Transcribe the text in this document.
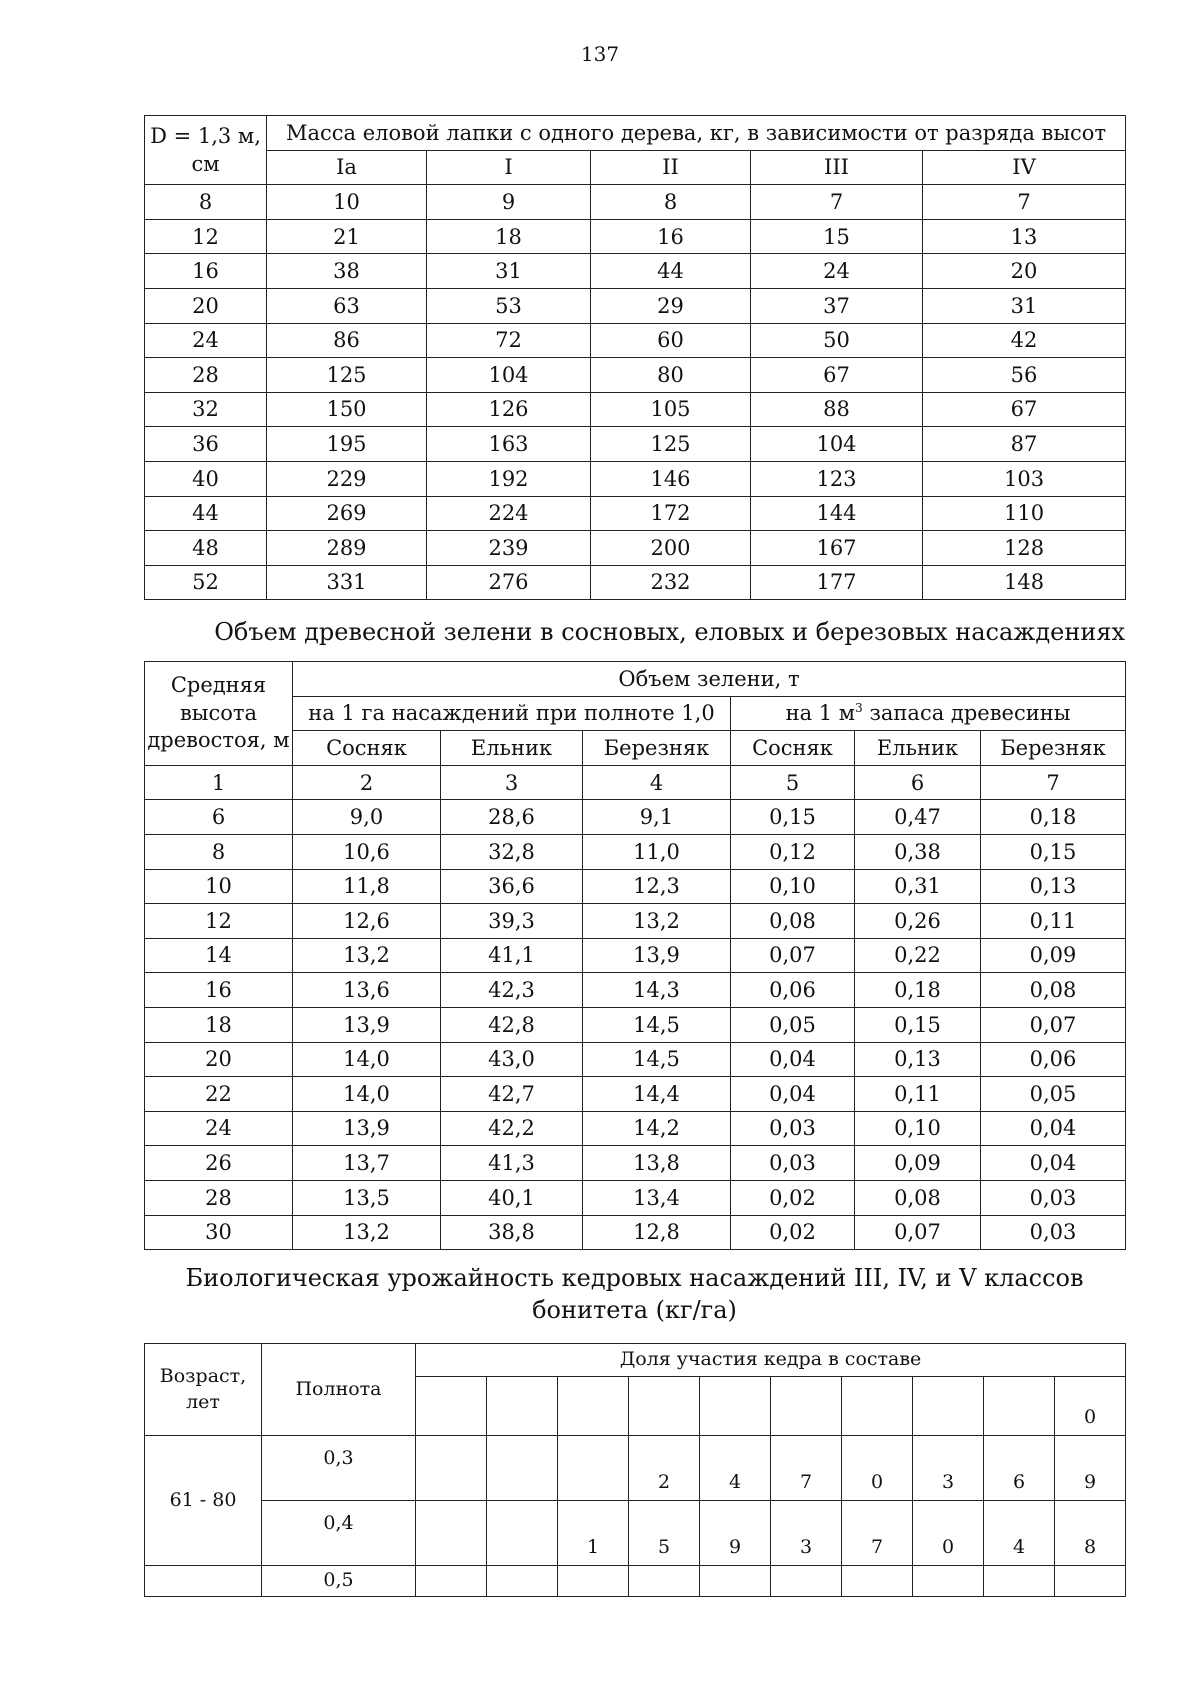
137
D = 1,3 м, см	Масса еловой лапки с одного дерева, кг, в зависимости от разряда высот				
	Iа	I	II	III	IV
8	10	9	8	7	7
12	21	18	16	15	13
16	38	31	44	24	20
20	63	53	29	37	31
24	86	72	60	50	42
28	125	104	80	67	56
32	150	126	105	88	67
36	195	163	125	104	87
40	229	192	146	123	103
44	269	224	172	144	110
48	289	239	200	167	128
52	331	276	232	177	148
Объем древесной зелени в сосновых, еловых и березовых насаждениях
Средняя высота древостоя, м	Объем зелени, т					
	на 1 га насаждений при полноте 1,0			на 1 $м^3$ запаса древесины		
	Сосняк	Ельник	Березняк	Сосняк	Ельник	Березняк
1	2	3	4	5	6	7
6	9,0	28,6	9,1	0,15	0,47	0,18
8	10,6	32,8	11,0	0,12	0,38	0,15
10	11,8	36,6	12,3	0,10	0,31	0,13
12	12,6	39,3	13,2	0,08	0,26	0,11
14	13,2	41,1	13,9	0,07	0,22	0,09
16	13,6	42,3	14,3	0,06	0,18	0,08
18	13,9	42,8	14,5	0,05	0,15	0,07
20	14,0	43,0	14,5	0,04	0,13	0,06
22	14,0	42,7	14,4	0,04	0,11	0,05
24	13,9	42,2	14,2	0,03	0,10	0,04
26	13,7	41,3	13,8	0,03	0,09	0,04
28	13,5	40,1	13,4	0,02	0,08	0,03
30	13,2	38,8	12,8	0,02	0,07	0,03
Биологическая урожайность кедровых насаждений III, IV, и V классов
бонитета (кг/га)
Возраст, лет	Полнота	Доля участия кедра в составе									
											0
61 - 80	0,3				2	4	7	0	3	6	9
	0,4			1	5	9	3	7	0	4	8
	0,5										
